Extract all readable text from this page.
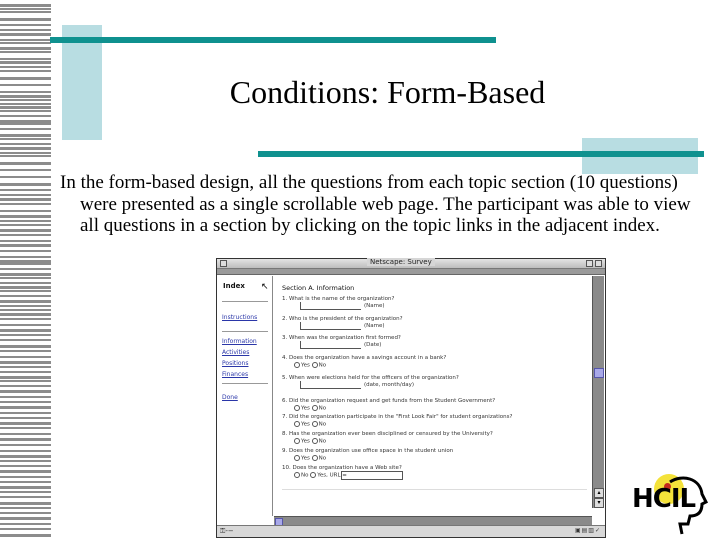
Conditions: Form-Based

In the form-based design, all the questions from each topic section (10 questions) were presented as a single scrollable web page. The participant was able to view all questions in a section by clicking on the topic links in the adjacent index.

Netscape: Survey
Index ↖
Instructions
Information
Activities
Positions
Finances
Done
Section A. Information
1. What is the name of the organization?
(Name)
2. Who is the president of the organization?
(Name)
3. When was the organization first formed?
(Date)
4. Does the organization have a savings account in a bank?
Yes No
5. When were elections held for the officers of the organization?
(date, month/day)
6. Did the organization request and get funds from the Student Government?
Yes No
7. Did the organization participate in the "First Look Fair" for student organizations?
Yes No
8. Has the organization ever been disciplined or censured by the University?
Yes No
9. Does the organization use office space in the student union
Yes No
10. Does the organization have a Web site?
No Yes, URL =
▴
▾
⚿-−	▣▤▥✓
HCIL
